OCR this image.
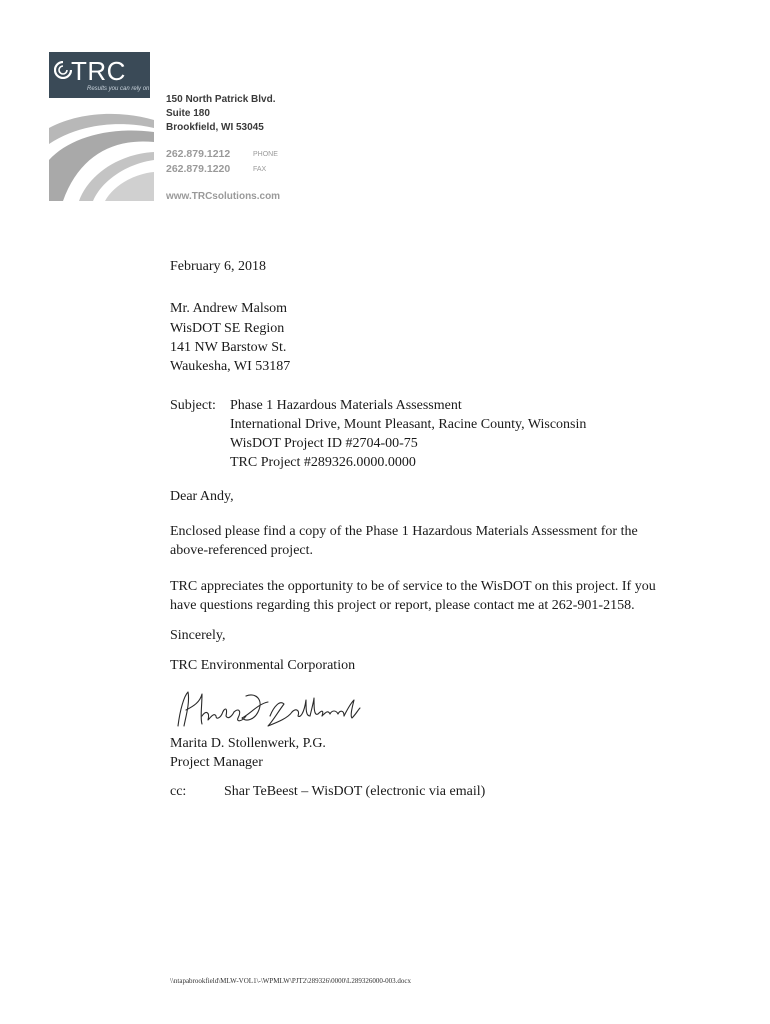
TRC
Results you can rely on
150 North Patrick Blvd.
Suite 180
Brookfield, WI 53045
262.879.1212	PHONE
262.879.1220	FAX
www.TRCsolutions.com
February 6, 2018
Mr. Andrew Malsom
WisDOT SE Region
141 NW Barstow St.
Waukesha, WI 53187
Subject: Phase 1 Hazardous Materials Assessment
International Drive, Mount Pleasant, Racine County, Wisconsin
WisDOT Project ID #2704-00-75
TRC Project #289326.0000.0000
Dear Andy,
Enclosed please find a copy of the Phase 1 Hazardous Materials Assessment for the
above-referenced project.
TRC appreciates the opportunity to be of service to the WisDOT on this project. If you
have questions regarding this project or report, please contact me at 262-901-2158.
Sincerely,
TRC Environmental Corporation
Marita D. Stollenwerk, P.G.
Project Manager
cc:	Shar TeBeest – WisDOT (electronic via email)
\\ntapabrookfield\MLW-VOL1\-\WPMLW\PJT2\289326\0000\L289326000-003.docx
